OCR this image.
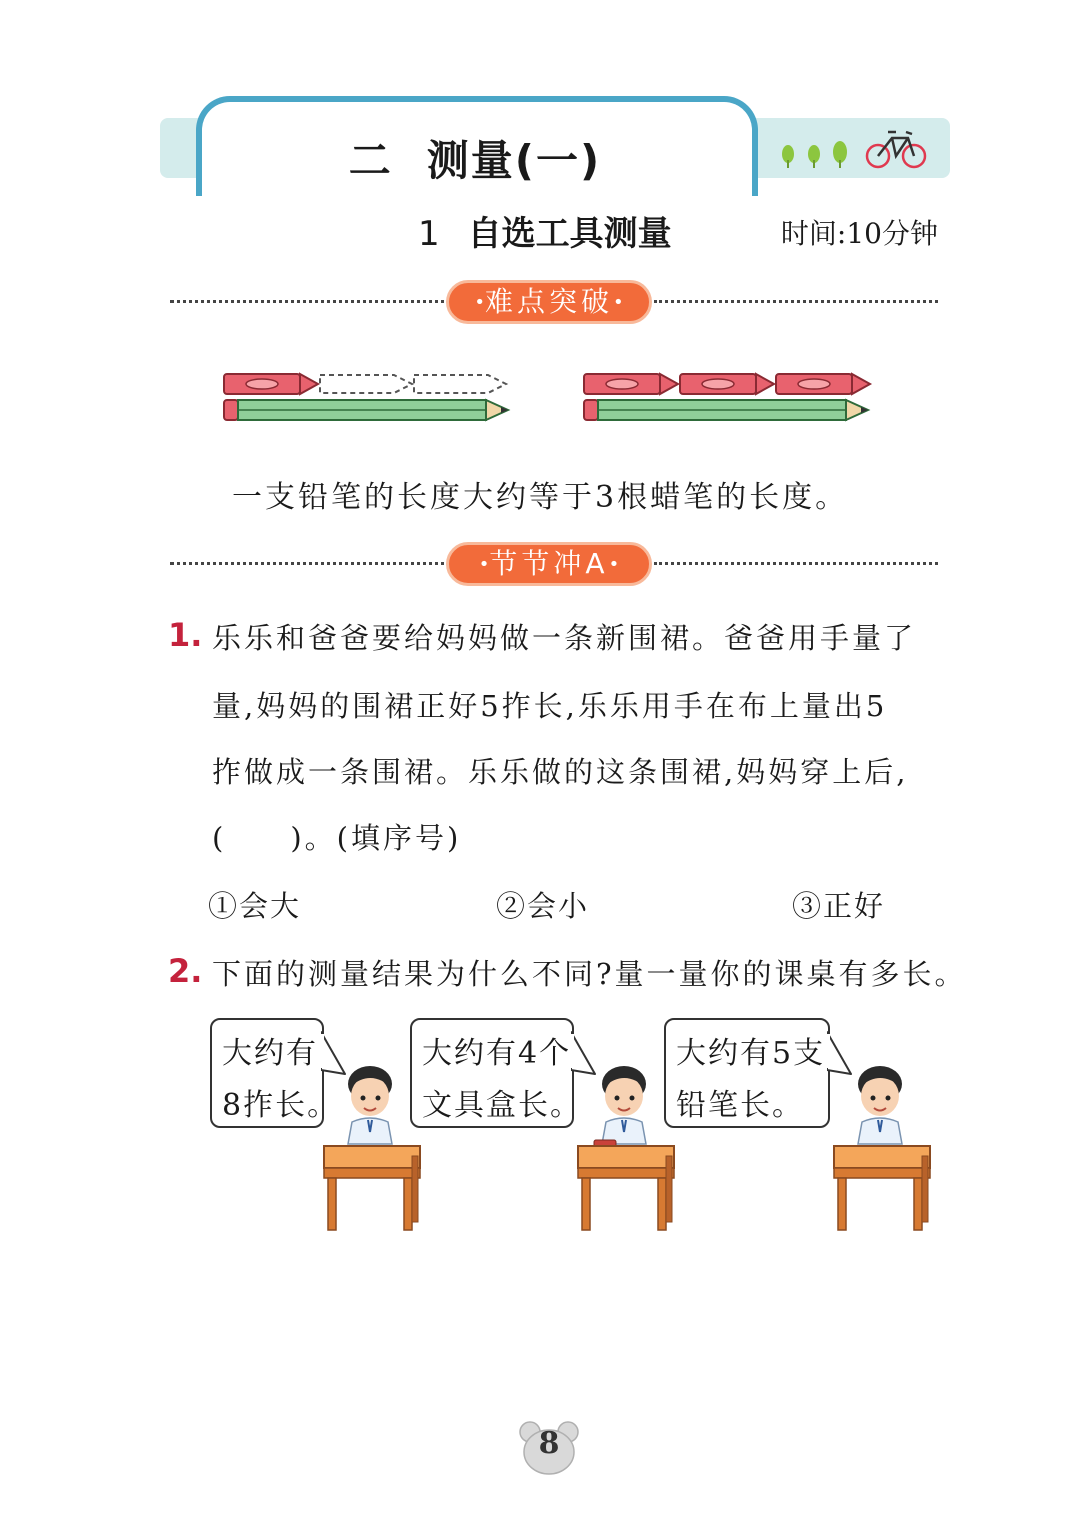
二 测量(一)
1 自选工具测量	时间:10分钟
•难点突破•
一支铅笔的长度大约等于3根蜡笔的长度。
•节节冲A•
1. 乐乐和爸爸要给妈妈做一条新围裙。爸爸用手量了
量,妈妈的围裙正好5拃长,乐乐用手在布上量出5
拃做成一条围裙。乐乐做的这条围裙,妈妈穿上后,
(　　)。(填序号)
①会大	②会小	③正好
2. 下面的测量结果为什么不同?量一量你的课桌有多长。
大约有
8拃长。
大约有4个
文具盒长。
大约有5支
铅笔长。
8
